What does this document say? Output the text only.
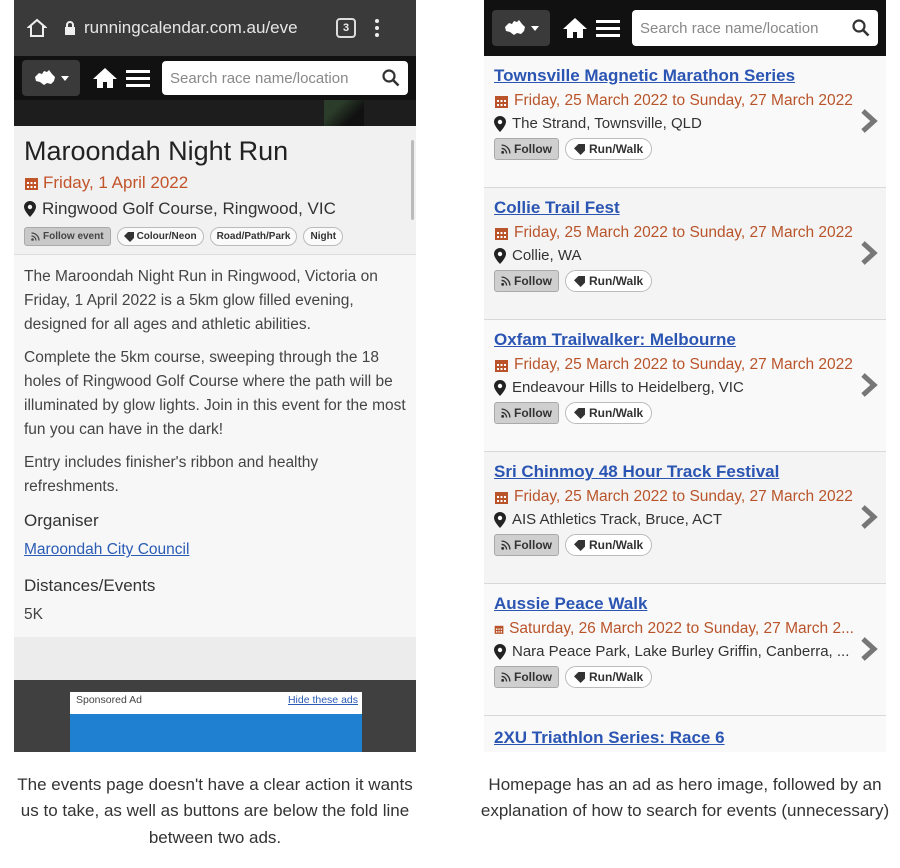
runningcalendar.com.au/eve	3
Search race name/location
Maroondah Night Run
Friday, 1 April 2022
Ringwood Golf Course, Ringwood, VIC
Follow event	Colour/Neon Road/Path/Park Night

The Maroondah Night Run in Ringwood, Victoria on Friday, 1 April 2022 is a 5km glow filled evening, designed for all ages and athletic abilities.

Complete the 5km course, sweeping through the 18 holes of Ringwood Golf Course where the path will be illuminated by glow lights. Join in this event for the most fun you can have in the dark!

Entry includes finisher's ribbon and healthy refreshments.

Organiser
Maroondah City Council
Distances/Events
5K
Sponsored Ad	Hide these ads
Search race name/location
Townsville Magnetic Marathon Series
Friday, 25 March 2022 to Sunday, 27 March 2022
The Strand, Townsville, QLD
Follow	Run/Walk
Collie Trail Fest
Friday, 25 March 2022 to Sunday, 27 March 2022
Collie, WA
Follow	Run/Walk
Oxfam Trailwalker: Melbourne
Friday, 25 March 2022 to Sunday, 27 March 2022
Endeavour Hills to Heidelberg, VIC
Follow	Run/Walk
Sri Chinmoy 48 Hour Track Festival
Friday, 25 March 2022 to Sunday, 27 March 2022
AIS Athletics Track, Bruce, ACT
Follow	Run/Walk
Aussie Peace Walk
Saturday, 26 March 2022 to Sunday, 27 March 2...
Nara Peace Park, Lake Burley Griffin, Canberra, ...
Follow	Run/Walk
2XU Triathlon Series: Race 6

The events page doesn't have a clear action it wants us to take, as well as buttons are below the fold line between two ads.

Homepage has an ad as hero image, followed by an explanation of how to search for events (unnecessary)
